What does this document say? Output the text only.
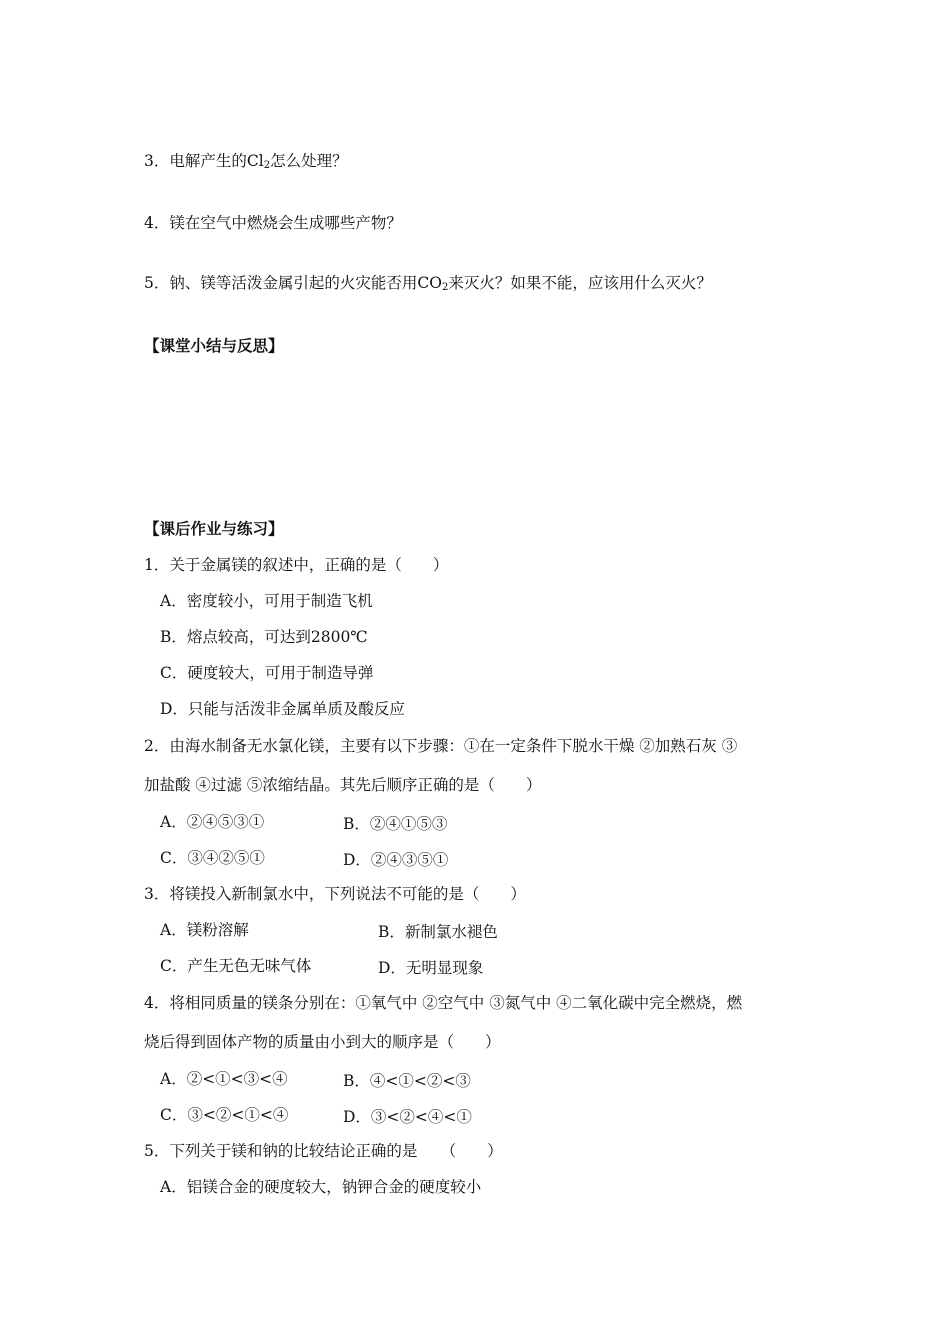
3．电解产生的$Cl_2$怎么处理？
4．镁在空气中燃烧会生成哪些产物？
5．钠、镁等活泼金属引起的火灾能否用$CO_2$来灭火？如果不能，应该用什么灭火？
【课堂小结与反思】
【课后作业与练习】
1．关于金属镁的叙述中，正确的是（　　）
A．密度较小，可用于制造飞机
B．熔点较高，可达到2800℃
C．硬度较大，可用于制造导弹
D．只能与活泼非金属单质及酸反应
2．由海水制备无水氯化镁，主要有以下步骤：①在一定条件下脱水干燥 ②加熟石灰 ③
加盐酸 ④过滤 ⑤浓缩结晶。其先后顺序正确的是（　　）
A．②④⑤③①	B．②④①⑤③
C．③④②⑤①	D．②④③⑤①
3．将镁投入新制氯水中，下列说法不可能的是（　　）
A．镁粉溶解	B．新制氯水褪色
C．产生无色无味气体	D．无明显现象
4．将相同质量的镁条分别在：①氧气中 ②空气中 ③氮气中 ④二氧化碳中完全燃烧，燃
烧后得到固体产物的质量由小到大的顺序是（　　）
A．②<①<③<④	B．④<①<②<③
C．③<②<①<④	D．③<②<④<①
5．下列关于镁和钠的比较结论正确的是　　（　　）
A．铝镁合金的硬度较大，钠钾合金的硬度较小
